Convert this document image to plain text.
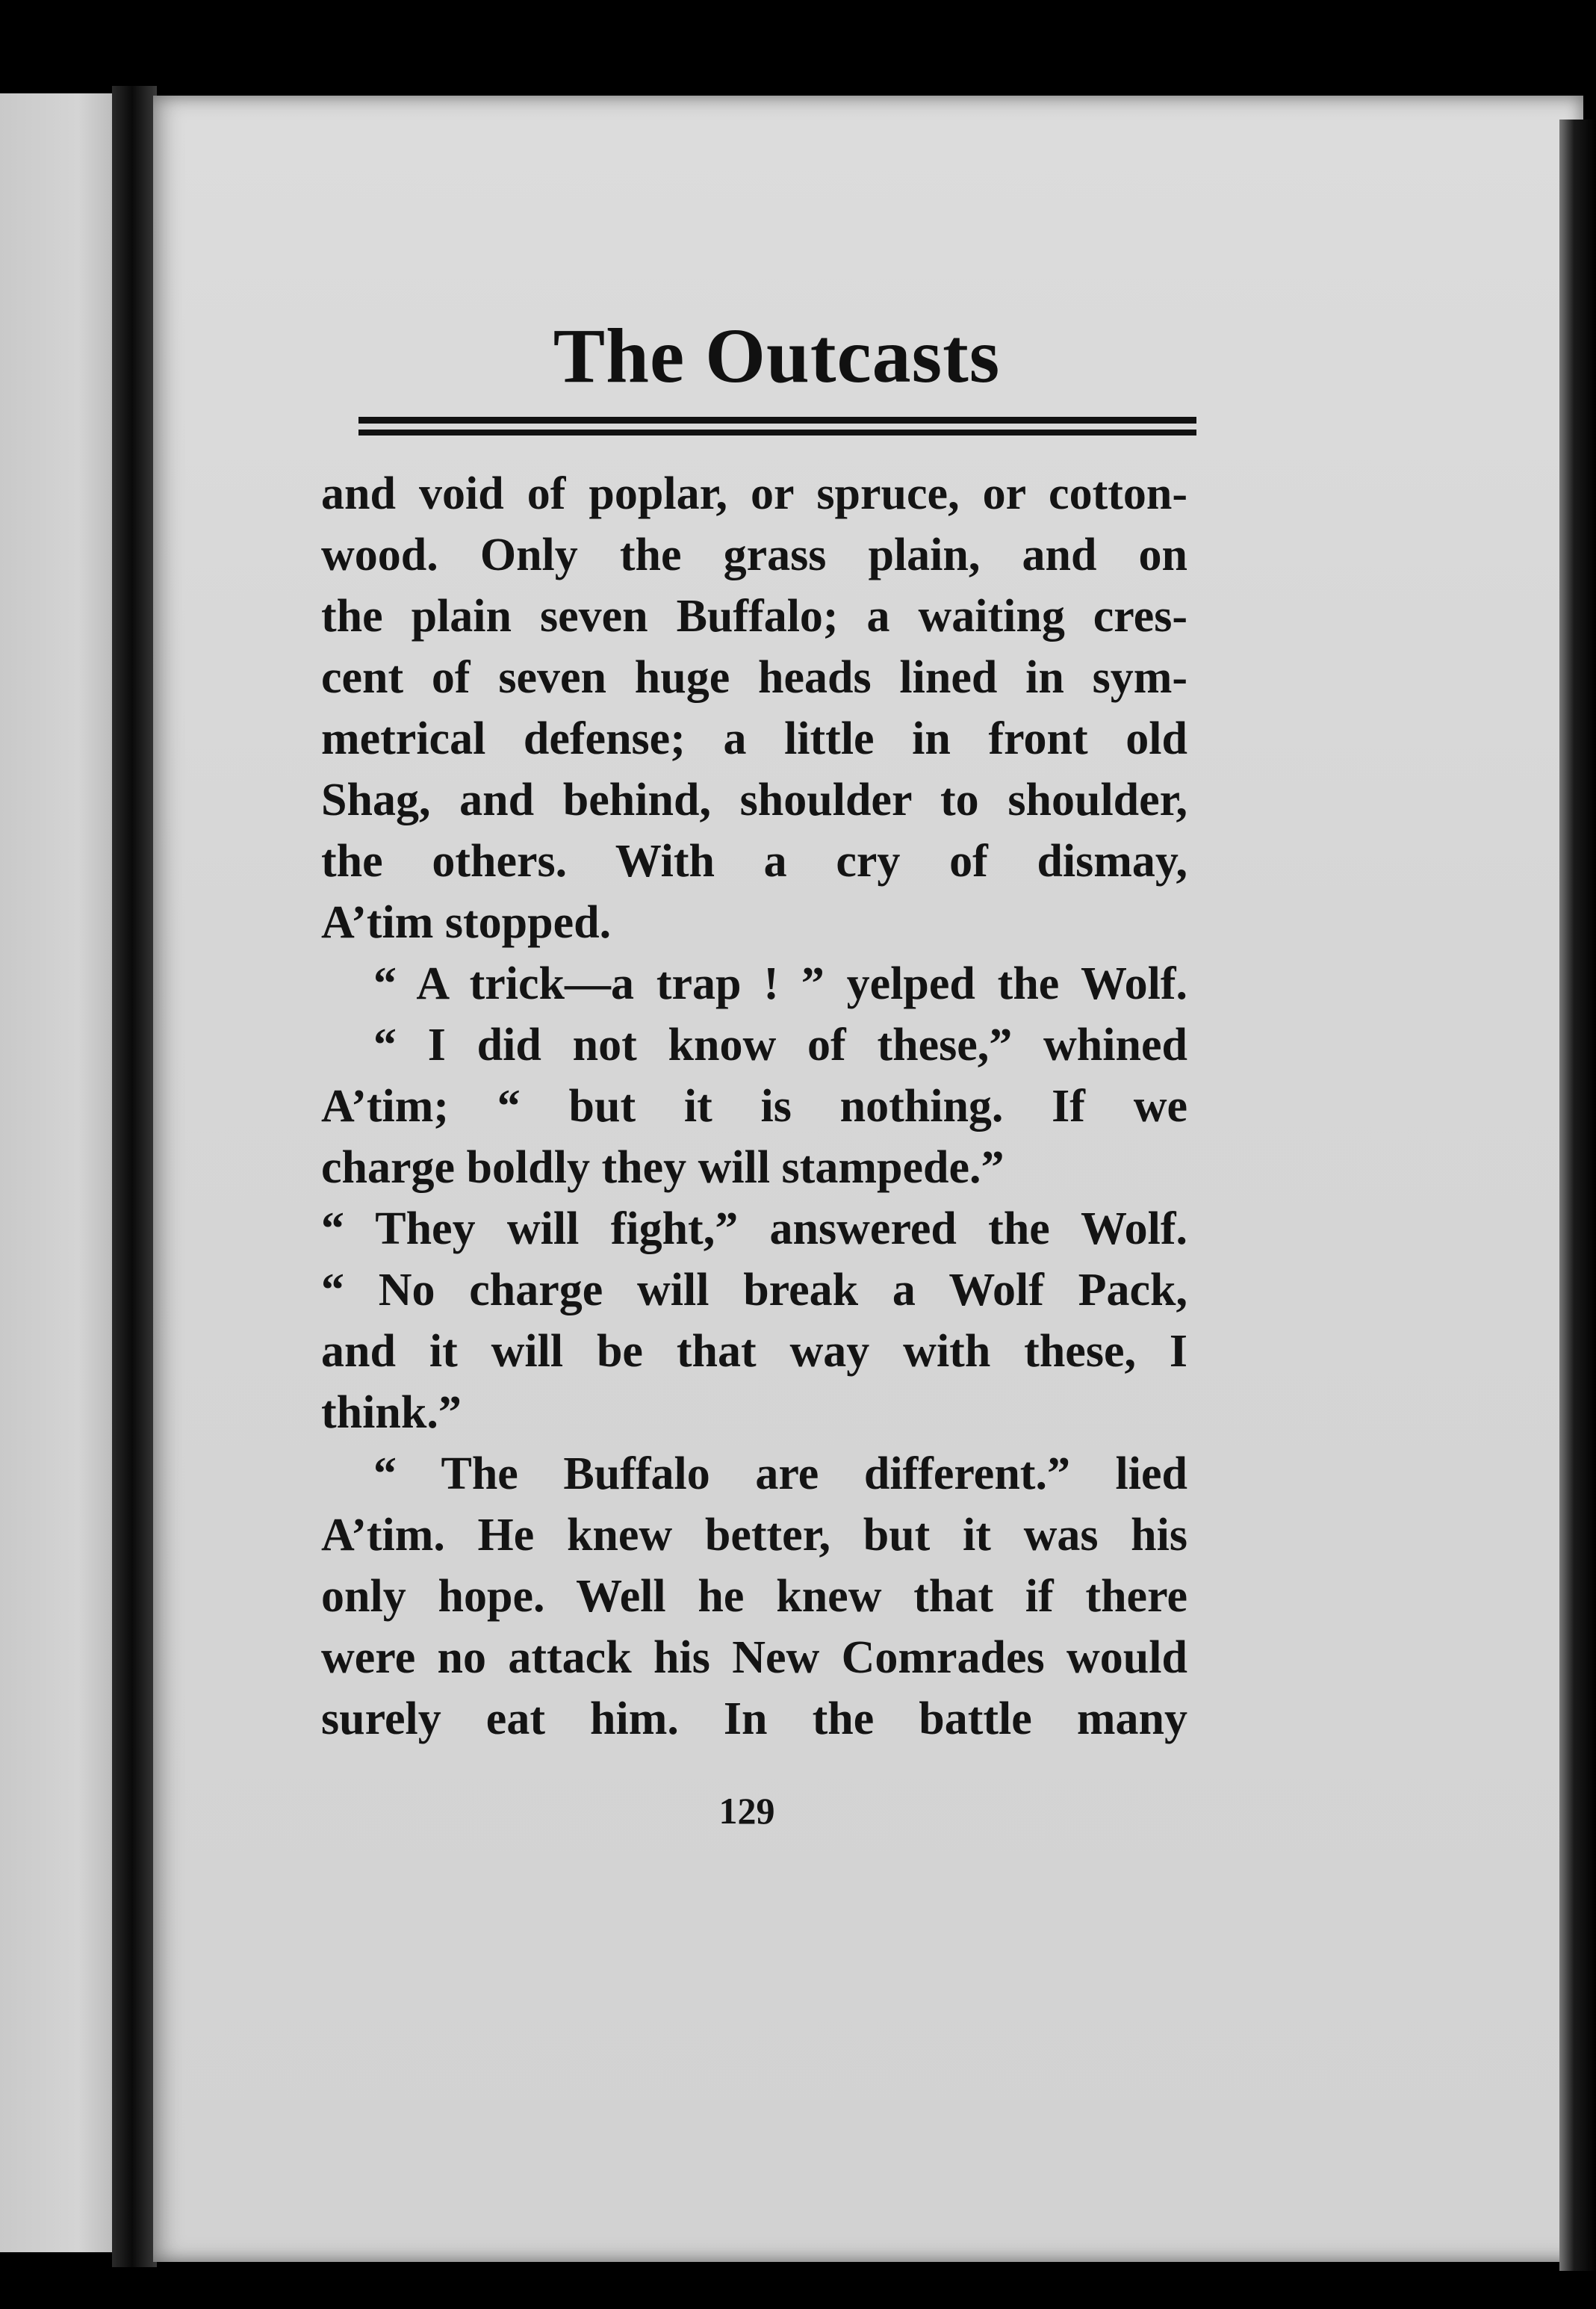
The Outcasts
and void of poplar, or spruce, or cotton-
wood. Only the grass plain, and on
the plain seven Buffalo; a waiting cres-
cent of seven huge heads lined in sym-
metrical defense; a little in front old
Shag, and behind, shoulder to shoulder,
the others. With a cry of dismay,
A’tim stopped.
“ A trick—a trap ! ” yelped the Wolf.
“ I did not know of these,” whined
A’tim; “ but it is nothing. If we
charge boldly they will stampede.”
“ They will fight,” answered the Wolf.
“ No charge will break a Wolf Pack,
and it will be that way with these, I
think.”
“ The Buffalo are different.” lied
A’tim. He knew better, but it was his
only hope. Well he knew that if there
were no attack his New Comrades would
surely eat him. In the battle many
129
